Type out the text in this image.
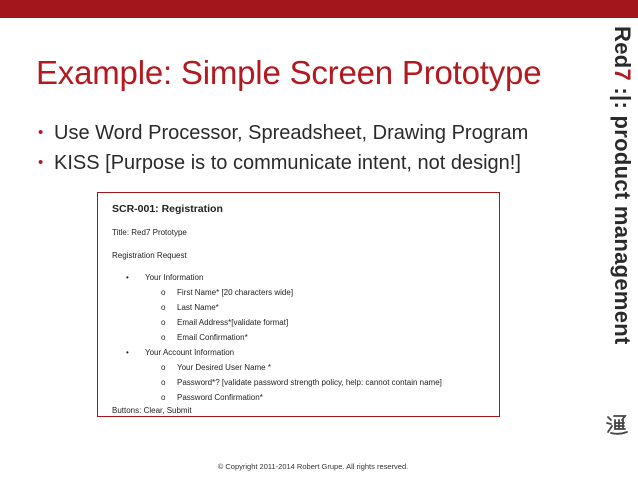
Example: Simple Screen Prototype
• Use Word Processor, Spreadsheet, Drawing Program
• KISS [Purpose is to communicate intent, not design!]
SCR-001: Registration
Title: Red7 Prototype
Registration Request
• Your Information
o First Name* [20 characters wide]
o Last Name*
o Email Address*[validate format]
o Email Confirmation*
• Your Account Information
o Your Desired User Name *
o Password*? [validate password strength policy, help: cannot contain name]
o Password Confirmation*
Buttons: Clear, Submit
Red7 :|: product management
© Copyright 2011-2014 Robert Grupe. All rights reserved.
